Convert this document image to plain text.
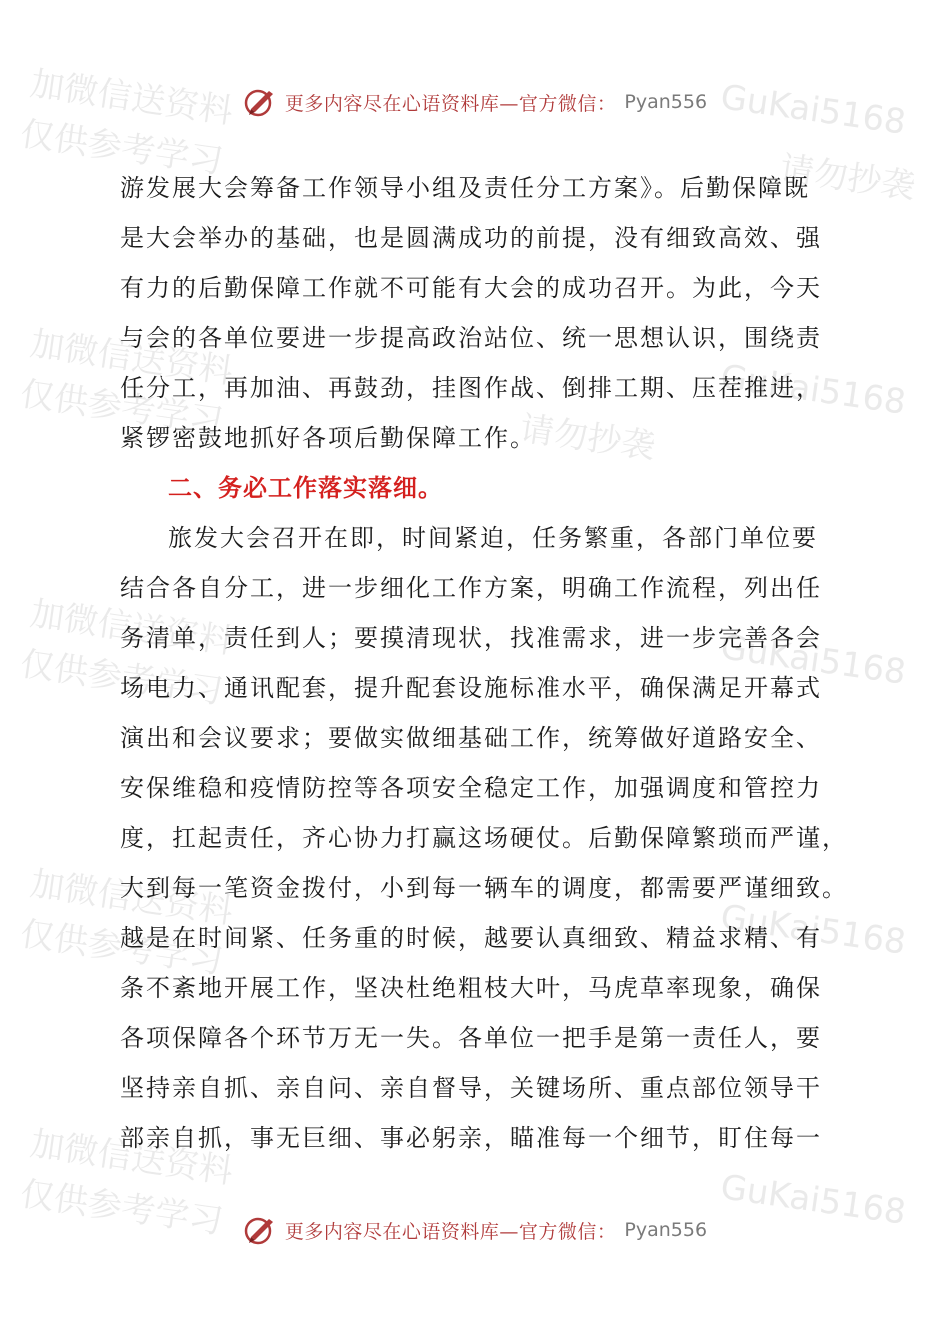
加微信送资料
仅供参考学习
GuKai5168
请勿抄袭
加微信送资料
仅供参考学习	请勿抄袭
GuKai5168
加微信送资料
仅供参考学习	GuKai5168
加微信送资料
仅供参考学习	GuKai5168
加微信送资料
仅供参考学习	GuKai5168
更多内容尽在心语资料库—官方微信： Pyan556
游发展大会筹备工作领导小组及责任分工方案》。后勤保障既
是大会举办的基础，也是圆满成功的前提，没有细致高效、强
有力的后勤保障工作就不可能有大会的成功召开。为此，今天
与会的各单位要进一步提高政治站位、统一思想认识，围绕责
任分工，再加油、再鼓劲，挂图作战、倒排工期、压茬推进，
紧锣密鼓地抓好各项后勤保障工作。
二、务必工作落实落细。
旅发大会召开在即，时间紧迫，任务繁重，各部门单位要
结合各自分工，进一步细化工作方案，明确工作流程，列出任
务清单，责任到人；要摸清现状，找准需求，进一步完善各会
场电力、通讯配套，提升配套设施标准水平，确保满足开幕式
演出和会议要求；要做实做细基础工作，统筹做好道路安全、
安保维稳和疫情防控等各项安全稳定工作，加强调度和管控力
度，扛起责任，齐心协力打赢这场硬仗。后勤保障繁琐而严谨，
大到每一笔资金拨付，小到每一辆车的调度，都需要严谨细致。
越是在时间紧、任务重的时候，越要认真细致、精益求精、有
条不紊地开展工作，坚决杜绝粗枝大叶，马虎草率现象，确保
各项保障各个环节万无一失。各单位一把手是第一责任人，要
坚持亲自抓、亲自问、亲自督导，关键场所、重点部位领导干
部亲自抓，事无巨细、事必躬亲，瞄准每一个细节，盯住每一
更多内容尽在心语资料库—官方微信： Pyan556
